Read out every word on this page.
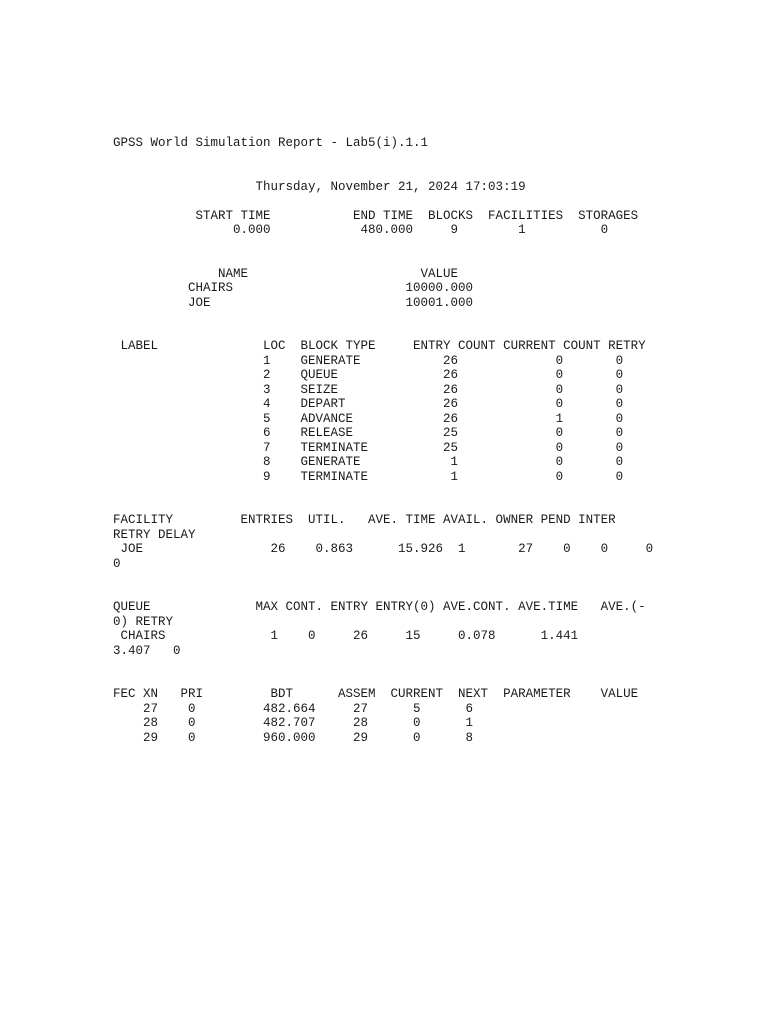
GPSS World Simulation Report - Lab5(i).1.1

Thursday, November 21, 2024 17:03:19

START TIME           END TIME  BLOCKS  FACILITIES  STORAGES
0.000            480.000     9        1          0

NAME                       VALUE
CHAIRS                       10000.000
JOE                          10001.000

LABEL              LOC  BLOCK TYPE     ENTRY COUNT CURRENT COUNT RETRY
1    GENERATE           26             0       0
2    QUEUE              26             0       0
3    SEIZE              26             0       0
4    DEPART             26             0       0
5    ADVANCE            26             1       0
6    RELEASE            25             0       0
7    TERMINATE          25             0       0
8    GENERATE            1             0       0
9    TERMINATE           1             0       0

FACILITY         ENTRIES  UTIL.   AVE. TIME AVAIL. OWNER PEND INTER
RETRY DELAY
JOE                 26    0.863      15.926  1       27    0    0     0
0

QUEUE              MAX CONT. ENTRY ENTRY(0) AVE.CONT. AVE.TIME   AVE.(-
0) RETRY
CHAIRS              1    0     26     15     0.078      1.441
3.407   0

FEC XN   PRI         BDT      ASSEM  CURRENT  NEXT  PARAMETER    VALUE
27    0         482.664     27      5      6
28    0         482.707     28      0      1
29    0         960.000     29      0      8
